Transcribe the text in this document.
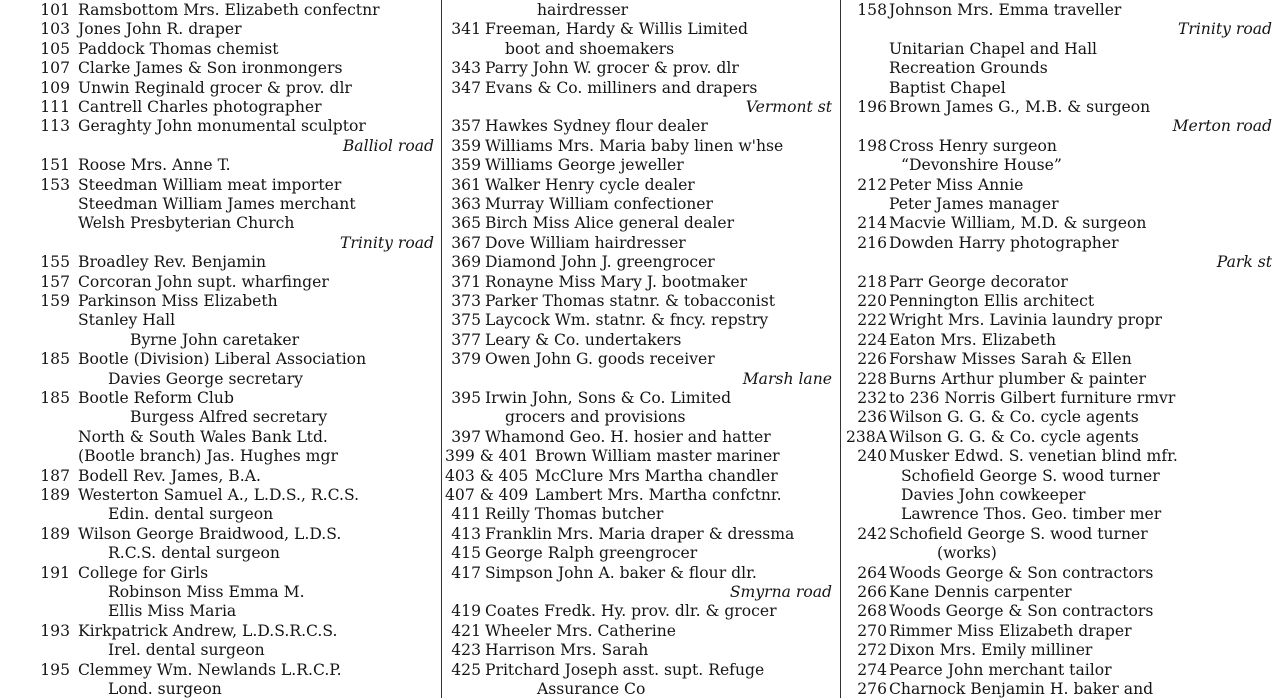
101 Ramsbottom Mrs. Elizabeth confectnr
103 Jones John R. draper
105 Paddock Thomas chemist
107 Clarke James & Son ironmongers
109 Unwin Reginald grocer & prov. dlr
111 Cantrell Charles photographer
113 Geraghty John monumental sculptor
Balliol road
151 Roose Mrs. Anne T.
153 Steedman William meat importer
Steedman William James merchant
Welsh Presbyterian Church
Trinity road
155 Broadley Rev. Benjamin
157 Corcoran John supt. wharfinger
159 Parkinson Miss Elizabeth
Stanley Hall
Byrne John caretaker
185 Bootle (Division) Liberal Association
Davies George secretary
185 Bootle Reform Club
Burgess Alfred secretary
North & South Wales Bank Ltd.
(Bootle branch) Jas. Hughes mgr
187 Bodell Rev. James, B.A.
189 Westerton Samuel A., L.D.S., R.C.S.
Edin. dental surgeon
189 Wilson George Braidwood, L.D.S.
R.C.S. dental surgeon
191 College for Girls
Robinson Miss Emma M.
Ellis Miss Maria
193 Kirkpatrick Andrew, L.D.S.R.C.S.
Irel. dental surgeon
195 Clemmey Wm. Newlands L.R.C.P.
Lond. surgeon
hairdresser
341 Freeman, Hardy & Willis Limited
boot and shoemakers
343 Parry John W. grocer & prov. dlr
347 Evans & Co. milliners and drapers
Vermont st
357 Hawkes Sydney flour dealer
359 Williams Mrs. Maria baby linen w'hse
359 Williams George jeweller
361 Walker Henry cycle dealer
363 Murray William confectioner
365 Birch Miss Alice general dealer
367 Dove William hairdresser
369 Diamond John J. greengrocer
371 Ronayne Miss Mary J. bootmaker
373 Parker Thomas statnr. & tobacconist
375 Laycock Wm. statnr. & fncy. repstry
377 Leary & Co. undertakers
379 Owen John G. goods receiver
Marsh lane
395 Irwin John, Sons & Co. Limited
grocers and provisions
397 Whamond Geo. H. hosier and hatter
399 & 401 Brown William master mariner
403 & 405 McClure Mrs Martha chandler
407 & 409 Lambert Mrs. Martha confctnr.
411 Reilly Thomas butcher
413 Franklin Mrs. Maria draper & dressma
415 George Ralph greengrocer
417 Simpson John A. baker & flour dlr.
Smyrna road
419 Coates Fredk. Hy. prov. dlr. & grocer
421 Wheeler Mrs. Catherine
423 Harrison Mrs. Sarah
425 Pritchard Joseph asst. supt. Refuge
Assurance Co
158 Johnson Mrs. Emma traveller
Trinity road
Unitarian Chapel and Hall
Recreation Grounds
Baptist Chapel
196 Brown James G., M.B. & surgeon
Merton road
198 Cross Henry surgeon
“Devonshire House”
212 Peter Miss Annie
Peter James manager
214 Macvie William, M.D. & surgeon
216 Dowden Harry photographer
Park st
218 Parr George decorator
220 Pennington Ellis architect
222 Wright Mrs. Lavinia laundry propr
224 Eaton Mrs. Elizabeth
226 Forshaw Misses Sarah & Ellen
228 Burns Arthur plumber & painter
232 to 236 Norris Gilbert furniture rmvr
236 Wilson G. G. & Co. cycle agents
238A Wilson G. G. & Co. cycle agents
240 Musker Edwd. S. venetian blind mfr.
Schofield George S. wood turner
Davies John cowkeeper
Lawrence Thos. Geo. timber mer
242 Schofield George S. wood turner
(works)
264 Woods George & Son contractors
266 Kane Dennis carpenter
268 Woods George & Son contractors
270 Rimmer Miss Elizabeth draper
272 Dixon Mrs. Emily milliner
274 Pearce John merchant tailor
276 Charnock Benjamin H. baker and
